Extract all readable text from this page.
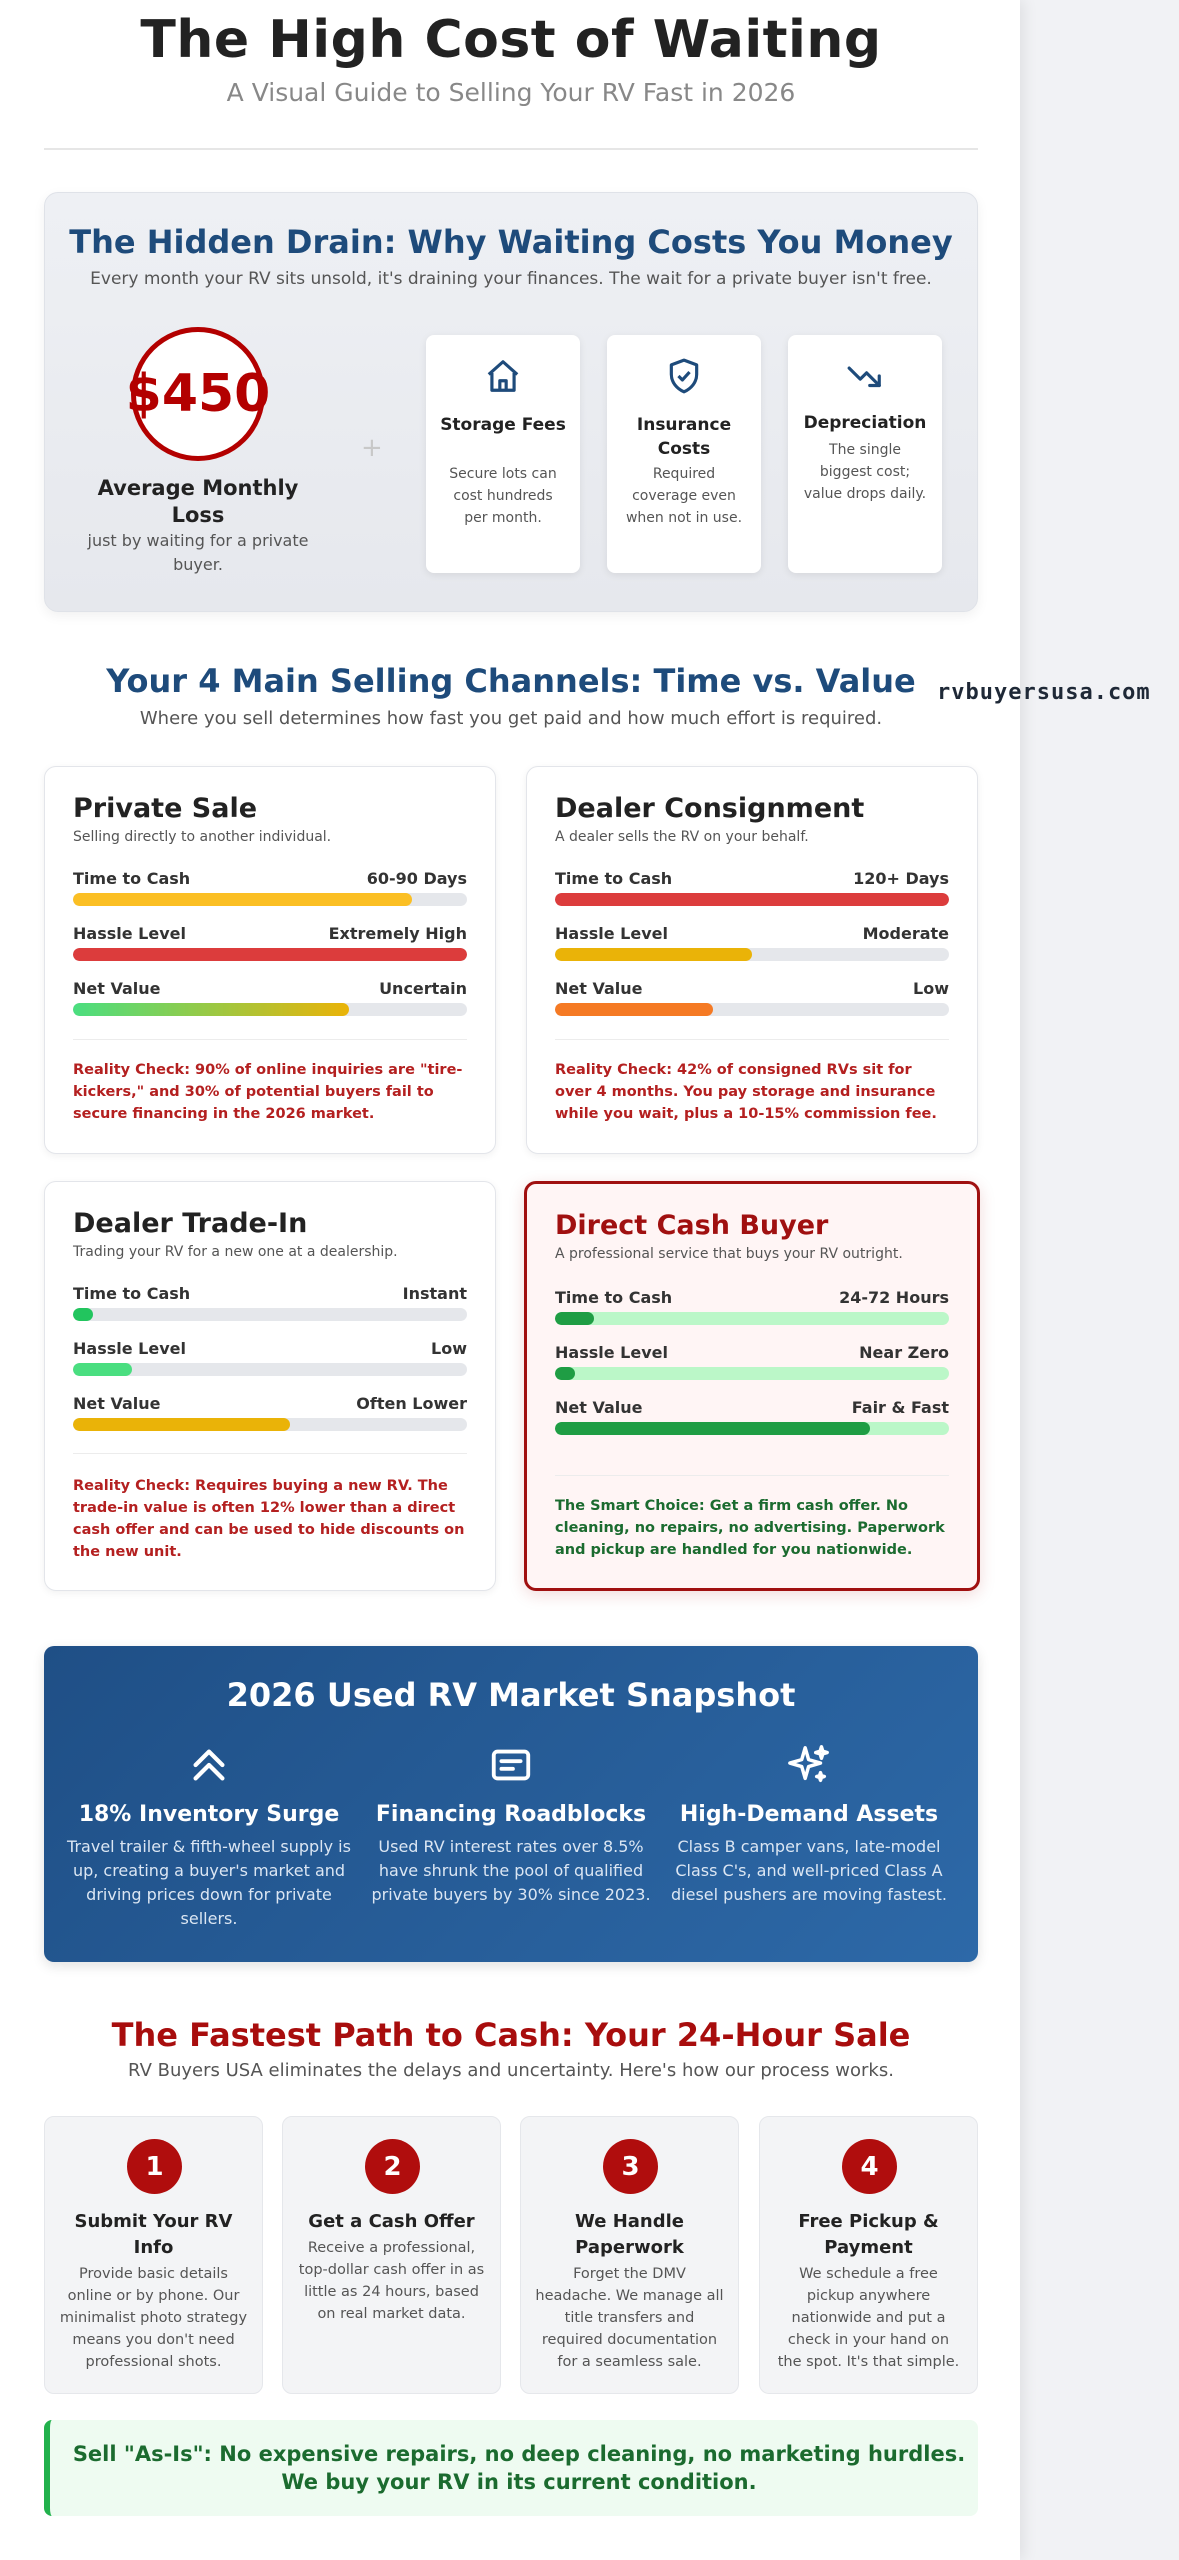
The High Cost of Waiting
A Visual Guide to Selling Your RV Fast in 2026
The Hidden Drain: Why Waiting Costs You Money
Every month your RV sits unsold, it's draining your finances. The wait for a private buyer isn't free.
$450
Average Monthly Loss
just by waiting for a private buyer.
+
Storage Fees
Secure lots can cost hundreds per month.
Insurance Costs
Required coverage even when not in use.
Depreciation
The single biggest cost; value drops daily.
Your 4 Main Selling Channels: Time vs. Value
Where you sell determines how fast you get paid and how much effort is required.
2026 Used RV Market Snapshot
18% Inventory Surge
Travel trailer & fifth-wheel supply is up, creating a buyer's market and driving prices down for private sellers.
Financing Roadblocks
Used RV interest rates over 8.5% have shrunk the pool of qualified private buyers by 30% since 2023.
High-Demand Assets
Class B camper vans, late-model Class C's, and well-priced Class A diesel pushers are moving fastest.
The Fastest Path to Cash: Your 24-Hour Sale
RV Buyers USA eliminates the delays and uncertainty. Here's how our process works.
1
Submit Your RV Info
Provide basic details online or by phone. Our minimalist photo strategy means you don't need professional shots.
2
Get a Cash Offer
Receive a professional, top-dollar cash offer in as little as 24 hours, based on real market data.
3
We Handle Paperwork
Forget the DMV headache. We manage all title transfers and required documentation for a seamless sale.
4
Free Pickup & Payment
We schedule a free pickup anywhere nationwide and put a check in your hand on the spot. It's that simple.
Sell "As-Is": No expensive repairs, no deep cleaning, no marketing hurdles. We buy your RV in its current condition.
Private Sale
Selling directly to another individual.
Time to Cash	60-90 Days
Hassle Level	Extremely High
Net Value	Uncertain
Reality Check: 90% of online inquiries are "tire-kickers," and 30% of potential buyers fail to secure financing in the 2026 market.
Dealer Consignment
A dealer sells the RV on your behalf.
Time to Cash	120+ Days
Hassle Level	Moderate
Net Value	Low
Reality Check: 42% of consigned RVs sit for over 4 months. You pay storage and insurance while you wait, plus a 10-15% commission fee.
Dealer Trade-In
Trading your RV for a new one at a dealership.
Time to Cash	Instant
Hassle Level	Low
Net Value	Often Lower
Reality Check: Requires buying a new RV. The trade-in value is often 12% lower than a direct cash offer and can be used to hide discounts on the new unit.
Direct Cash Buyer
A professional service that buys your RV outright.
Time to Cash	24-72 Hours
Hassle Level	Near Zero
Net Value	Fair & Fast
The Smart Choice: Get a firm cash offer. No cleaning, no repairs, no advertising. Paperwork and pickup are handled for you nationwide.
rvbuyersusa.com
